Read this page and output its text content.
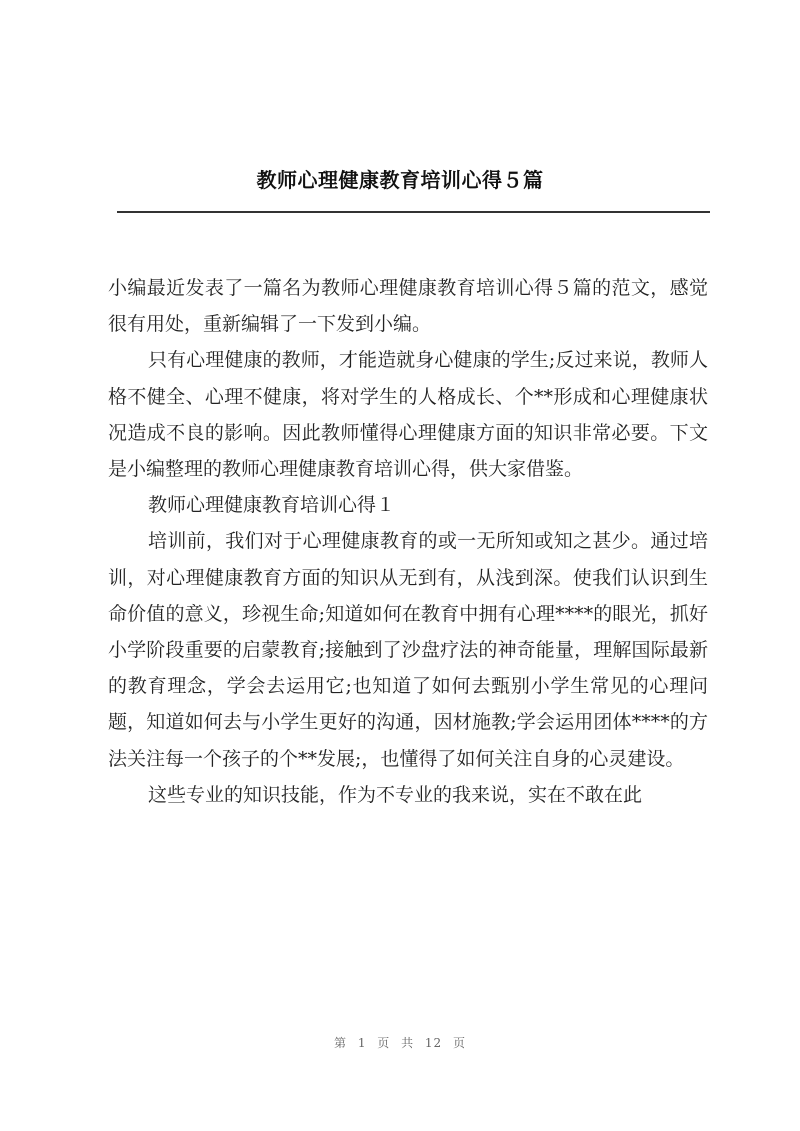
教师心理健康教育培训心得５篇

小编最近发表了一篇名为教师心理健康教育培训心得５篇的范文，感觉很有用处，重新编辑了一下发到小编。

只有心理健康的教师，才能造就身心健康的学生;反过来说，教师人格不健全、心理不健康，将对学生的人格成长、个**形成和心理健康状况造成不良的影响。因此教师懂得心理健康方面的知识非常必要。下文是小编整理的教师心理健康教育培训心得，供大家借鉴。

教师心理健康教育培训心得１

培训前，我们对于心理健康教育的或一无所知或知之甚少。通过培训，对心理健康教育方面的知识从无到有，从浅到深。使我们认识到生命价值的意义，珍视生命;知道如何在教育中拥有心理****的眼光，抓好小学阶段重要的启蒙教育;接触到了沙盘疗法的神奇能量，理解国际最新的教育理念，学会去运用它;也知道了如何去甄别小学生常见的心理问题，知道如何去与小学生更好的沟通，因材施教;学会运用团体****的方法关注每一个孩子的个**发展;，也懂得了如何关注自身的心灵建设。

这些专业的知识技能，作为不专业的我来说，实在不敢在此

第 1 页 共 12 页
